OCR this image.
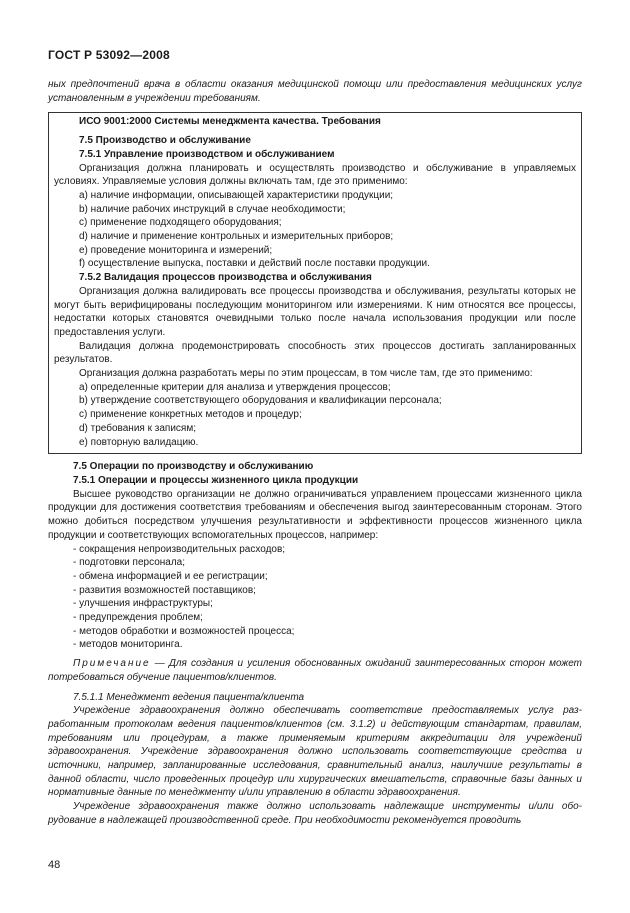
ГОСТ Р 53092—2008

ных предпочтений врача в области оказания медицинской помощи или предоставления медицинских услуг установленным в учреждении требованиям.

ИСО 9001:2000 Системы менеджмента качества. Требования

7.5 Производство и обслуживание

7.5.1 Управление производством и обслуживанием

Организация должна планировать и осуществлять производство и обслуживание в управляемых условиях. Управляемые условия должны включать там, где это применимо:

а) наличие информации, описывающей характеристики продукции;

b) наличие рабочих инструкций в случае необходимости;

с) применение подходящего оборудования;

d) наличие и применение контрольных и измерительных приборов;

е) проведение мониторинга и измерений;

f) осуществление выпуска, поставки и действий после поставки продукции.

7.5.2 Валидация процессов производства и обслуживания

Организация должна валидировать все процессы производства и обслуживания, результаты которых не могут быть верифицированы последующим мониторингом или измерениями. К ним относятся все процессы, недостатки которых становятся очевидными только после начала использования продукции или после предоставления услуги.

Валидация должна продемонстрировать способность этих процессов достигать запланированных результатов.

Организация должна разработать меры по этим процессам, в том числе там, где это применимо:

а) определенные критерии для анализа и утверждения процессов;

b) утверждение соответствующего оборудования и квалификации персонала;

с) применение конкретных методов и процедур;

d) требования к записям;

е) повторную валидацию.

7.5 Операции по производству и обслуживанию

7.5.1 Операции и процессы жизненного цикла продукции

Высшее руководство организации не должно ограничиваться управлением процессами жизненного цикла продукции для достижения соответствия требованиям и обеспечения выгод заинтересованным сторонам. Этого можно добиться посредством улучшения результативности и эффективности процессов жизненного цикла продукции и соответствующих вспомогательных процессов, например:

- сокращения непроизводительных расходов;

- подготовки персонала;

- обмена информацией и ее регистрации;

- развития возможностей поставщиков;

- улучшения инфраструктуры;

- предупреждения проблем;

- методов обработки и возможностей процесса;

- методов мониторинга.

Примечание — Для создания и усиления обоснованных ожиданий заинтересованных сторон может потребоваться обучение пациентов/клиентов.

7.5.1.1 Менеджмент ведения пациента/клиента

Учреждение здравоохранения должно обеспечивать соответствие предоставляемых услуг разработанным протоколам ведения пациентов/клиентов (см. 3.1.2) и действующим стандартам, правилам, требованиям или процедурам, а также применяемым критериям аккредитации для учреждений здравоохранения. Учреждение здравоохранения должно использовать соответствующие средства и источники, например, запланированные исследования, сравнительный анализ, наилучшие результаты в данной области, число проведенных процедур или хирургических вмешательств, справочные базы данных и нормативные данные по менеджменту и/или управлению в области здравоохранения.

Учреждение здравоохранения также должно использовать надлежащие инструменты и/или оборудование в надлежащей производственной среде. При необходимости рекомендуется проводить

48
